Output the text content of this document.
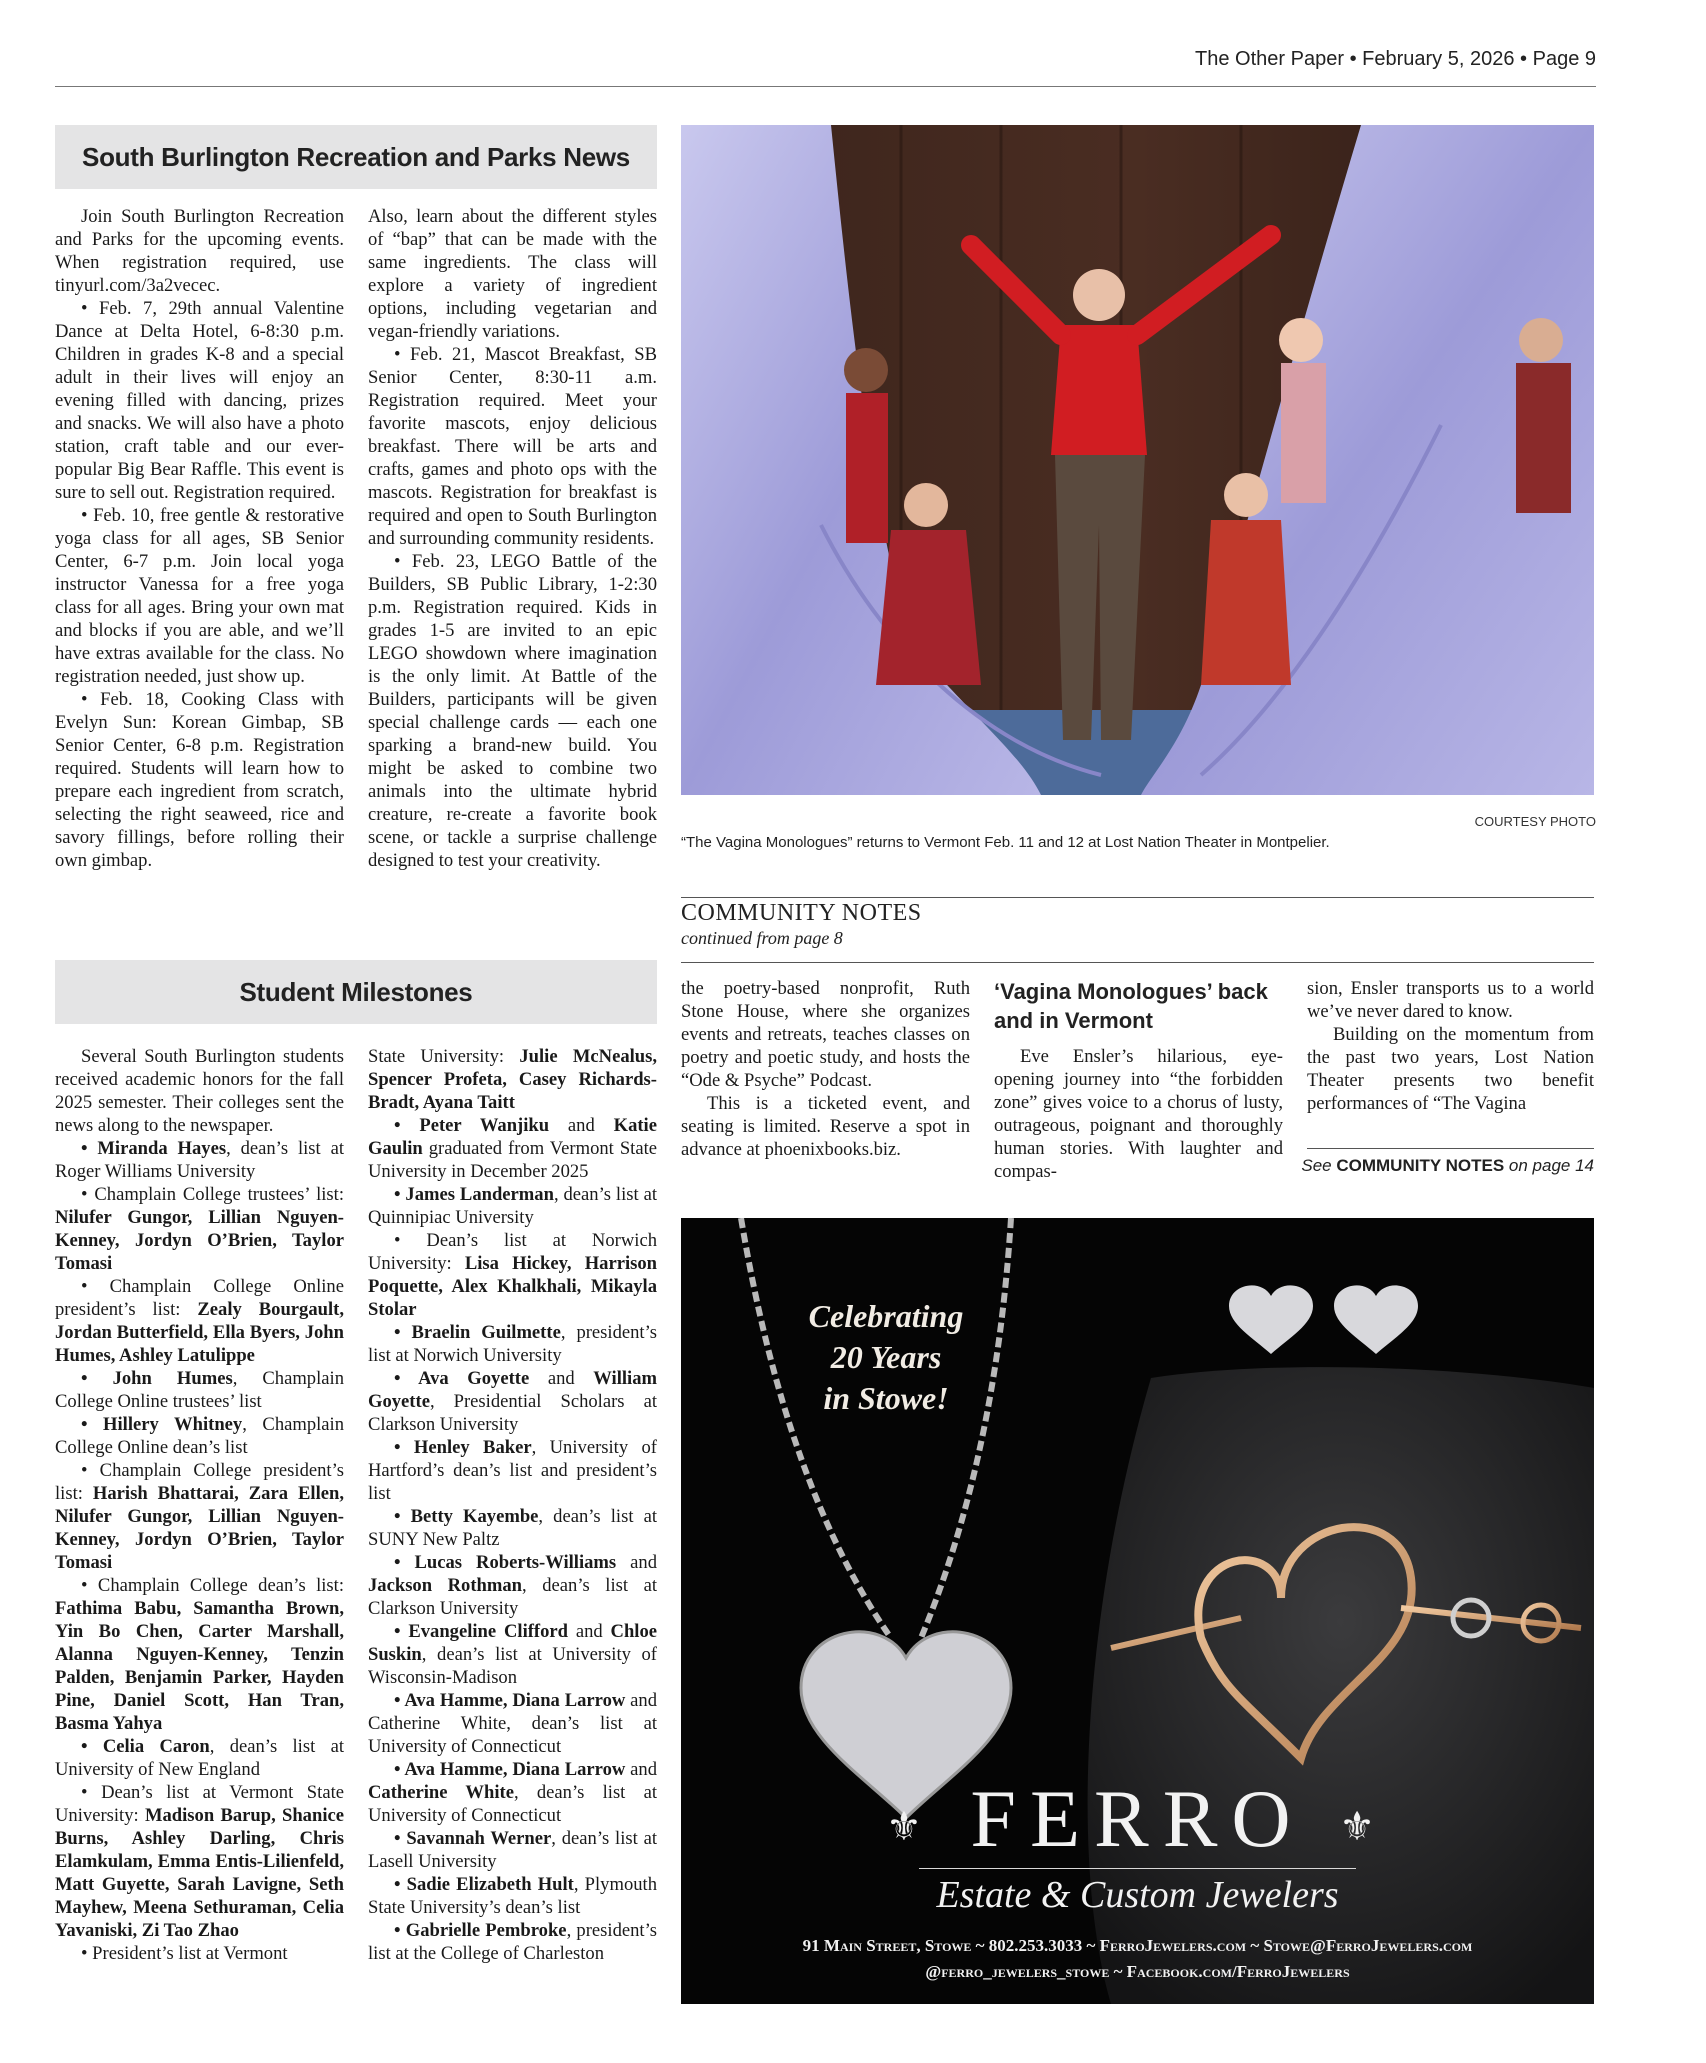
The Other Paper • February 5, 2026 • Page 9
South Burlington Recreation and Parks News

Join South Burlington Recreation and Parks for the upcoming events. When registration required, use tinyurl.com/3a2vecec.

• Feb. 7, 29th annual Valentine Dance at Delta Hotel, 6-8:30 p.m. Children in grades K-8 and a special adult in their lives will enjoy an evening filled with dancing, prizes and snacks. We will also have a photo station, craft table and our ever-popular Big Bear Raffle. This event is sure to sell out. Registration required.

• Feb. 10, free gentle & restorative yoga class for all ages, SB Senior Center, 6-7 p.m. Join local yoga instructor Vanessa for a free yoga class for all ages. Bring your own mat and blocks if you are able, and we’ll have extras available for the class. No registration needed, just show up.

• Feb. 18, Cooking Class with Evelyn Sun: Korean Gimbap, SB Senior Center, 6-8 p.m. Registration required. Students will learn how to prepare each ingredient from scratch, selecting the right seaweed, rice and savory fillings, before rolling their own gimbap.

Also, learn about the different styles of “bap” that can be made with the same ingredients. The class will explore a variety of ingredient options, including vegetarian and vegan-friendly variations.

• Feb. 21, Mascot Breakfast, SB Senior Center, 8:30-11 a.m. Registration required. Meet your favorite mascots, enjoy delicious breakfast. There will be arts and crafts, games and photo ops with the mascots. Registration for breakfast is required and open to South Burlington and surrounding community residents.

• Feb. 23, LEGO Battle of the Builders, SB Public Library, 1-2:30 p.m. Registration required. Kids in grades 1-5 are invited to an epic LEGO showdown where imagination is the only limit. At Battle of the Builders, participants will be given special challenge cards — each one sparking a brand-new build. You might be asked to combine two animals into the ultimate hybrid creature, re-create a favorite book scene, or tackle a surprise challenge designed to test your creativity.

Student Milestones

Several South Burlington students received academic honors for the fall 2025 semester. Their colleges sent the news along to the newspaper.

• Miranda Hayes, dean’s list at Roger Williams University

• Champlain College trustees’ list: Nilufer Gungor, Lillian Nguyen-Kenney, Jordyn O’Brien, Taylor Tomasi

• Champlain College Online president’s list: Zealy Bourgault, Jordan Butterfield, Ella Byers, John Humes, Ashley Latulippe

• John Humes, Champlain College Online trustees’ list

• Hillery Whitney, Champlain College Online dean’s list

• Champlain College president’s list: Harish Bhattarai, Zara Ellen, Nilufer Gungor, Lillian Nguyen-Kenney, Jordyn O’Brien, Taylor Tomasi

• Champlain College dean’s list: Fathima Babu, Samantha Brown, Yin Bo Chen, Carter Marshall, Alanna Nguyen-Kenney, Tenzin Palden, Benjamin Parker, Hayden Pine, Daniel Scott, Han Tran, Basma Yahya

• Celia Caron, dean’s list at University of New England

• Dean’s list at Vermont State University: Madison Barup, Shanice Burns, Ashley Darling, Chris Elamkulam, Emma Entis-Lilienfeld, Matt Guyette, Sarah Lavigne, Seth Mayhew, Meena Sethuraman, Celia Yavaniski, Zi Tao Zhao

• President’s list at Vermont

State University: Julie McNealus, Spencer Profeta, Casey Richards-Bradt, Ayana Taitt

• Peter Wanjiku and Katie Gaulin graduated from Vermont State University in December 2025

• James Landerman, dean’s list at Quinnipiac University

• Dean’s list at Norwich University: Lisa Hickey, Harrison Poquette, Alex Khalkhali, Mikayla Stolar

• Braelin Guilmette, president’s list at Norwich University

• Ava Goyette and William Goyette, Presidential Scholars at Clarkson University

• Henley Baker, University of Hartford’s dean’s list and president’s list

• Betty Kayembe, dean’s list at SUNY New Paltz

• Lucas Roberts-Williams and Jackson Rothman, dean’s list at Clarkson University

• Evangeline Clifford and Chloe Suskin, dean’s list at University of Wisconsin-Madison

• Ava Hamme, Diana Larrow and Catherine White, dean’s list at University of Connecticut

• Ava Hamme, Diana Larrow and Catherine White, dean’s list at University of Connecticut

• Savannah Werner, dean’s list at Lasell University

• Sadie Elizabeth Hult, Plymouth State University’s dean’s list

• Gabrielle Pembroke, president’s list at the College of Charleston

COURTESY PHOTO
“The Vagina Monologues” returns to Vermont Feb. 11 and 12 at Lost Nation Theater in Montpelier.
COMMUNITY NOTES
continued from page 8

the poetry-based nonprofit, Ruth Stone House, where she organizes events and retreats, teaches classes on poetry and poetic study, and hosts the “Ode & Psyche” Podcast.

This is a ticketed event, and seating is limited. Reserve a spot in advance at phoenixbooks.biz.

‘Vagina Monologues’ back and in Vermont

Eve Ensler’s hilarious, eye-opening journey into “the forbidden zone” gives voice to a chorus of lusty, outrageous, poignant and thoroughly human stories. With laughter and compas-

sion, Ensler transports us to a world we’ve never dared to know.

Building on the momentum from the past two years, Lost Nation Theater presents two benefit performances of “The Vagina

See COMMUNITY NOTES on page 14
Celebrating
20 Years
in Stowe!
⚜ FERRO ⚜
Estate & Custom Jewelers
91 Main Street, Stowe ~ 802.253.3033 ~ FerroJewelers.com ~ Stowe@FerroJewelers.com
@ferro_jewelers_stowe ~ Facebook.com/FerroJewelers
